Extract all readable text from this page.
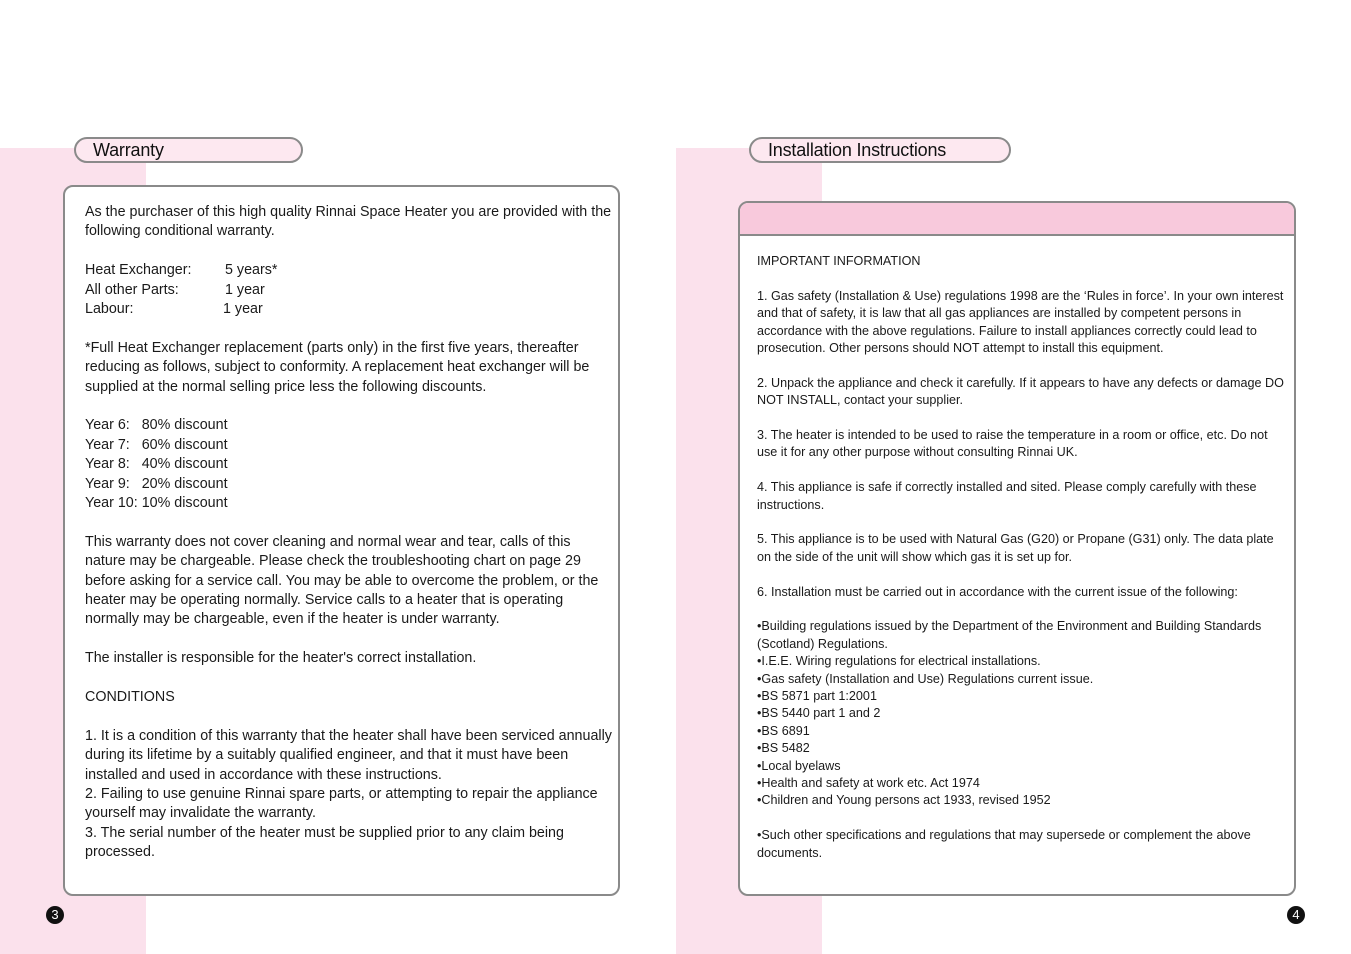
Warranty

As the purchaser of this high quality Rinnai Space Heater you are provided with the following conditional warranty.

Heat Exchanger:	5 years*
All other Parts:	1 year
Labour:	1 year

*Full Heat Exchanger replacement (parts only) in the first five years, thereafter reducing as follows, subject to conformity. A replacement heat exchanger will be supplied at the normal selling price less the following discounts.

Year 6:   80% discount
Year 7:   60% discount
Year 8:   40% discount
Year 9:   20% discount
Year 10: 10% discount

This warranty does not cover cleaning and normal wear and tear, calls of this nature may be chargeable. Please check the troubleshooting chart on page 29 before asking for a service call. You may be able to overcome the problem, or the heater may be operating normally. Service calls to a heater that is operating normally may be chargeable, even if the heater is under warranty.

The installer is responsible for the heater's correct installation.

CONDITIONS

1. It is a condition of this warranty that the heater shall have been serviced annually during its lifetime by a suitably qualified engineer, and that it must have been installed and used in accordance with these instructions.
2. Failing to use genuine Rinnai spare parts, or attempting to repair the appliance yourself may invalidate the warranty.
3. The serial number of the heater must be supplied prior to any claim being processed.
3
Installation Instructions

IMPORTANT INFORMATION

1. Gas safety (Installation & Use) regulations 1998 are the ‘Rules in force’. In your own interest and that of safety, it is law that all gas appliances are installed by competent persons in accordance with the above regulations. Failure to install appliances correctly could lead to prosecution. Other persons should NOT attempt to install this equipment.

2. Unpack the appliance and check it carefully. If it appears to have any defects or damage DO NOT INSTALL, contact your supplier.

3. The heater is intended to be used to raise the temperature in a room or office, etc. Do not use it for any other purpose without consulting Rinnai UK.

4. This appliance is safe if correctly installed and sited. Please comply carefully with these instructions.

5. This appliance is to be used with Natural Gas (G20) or Propane (G31) only. The data plate on the side of the unit will show which gas it is set up for.

6. Installation must be carried out in accordance with the current issue of the following:

•Building regulations issued by the Department of the Environment and Building Standards (Scotland) Regulations.
•I.E.E. Wiring regulations for electrical installations.
•Gas safety (Installation and Use) Regulations current issue.
•BS 5871 part 1:2001
•BS 5440 part 1 and 2
•BS 6891
•BS 5482
•Local byelaws
•Health and safety at work etc. Act 1974
•Children and Young persons act 1933, revised 1952

•Such other specifications and regulations that may supersede or complement the above documents.

4
